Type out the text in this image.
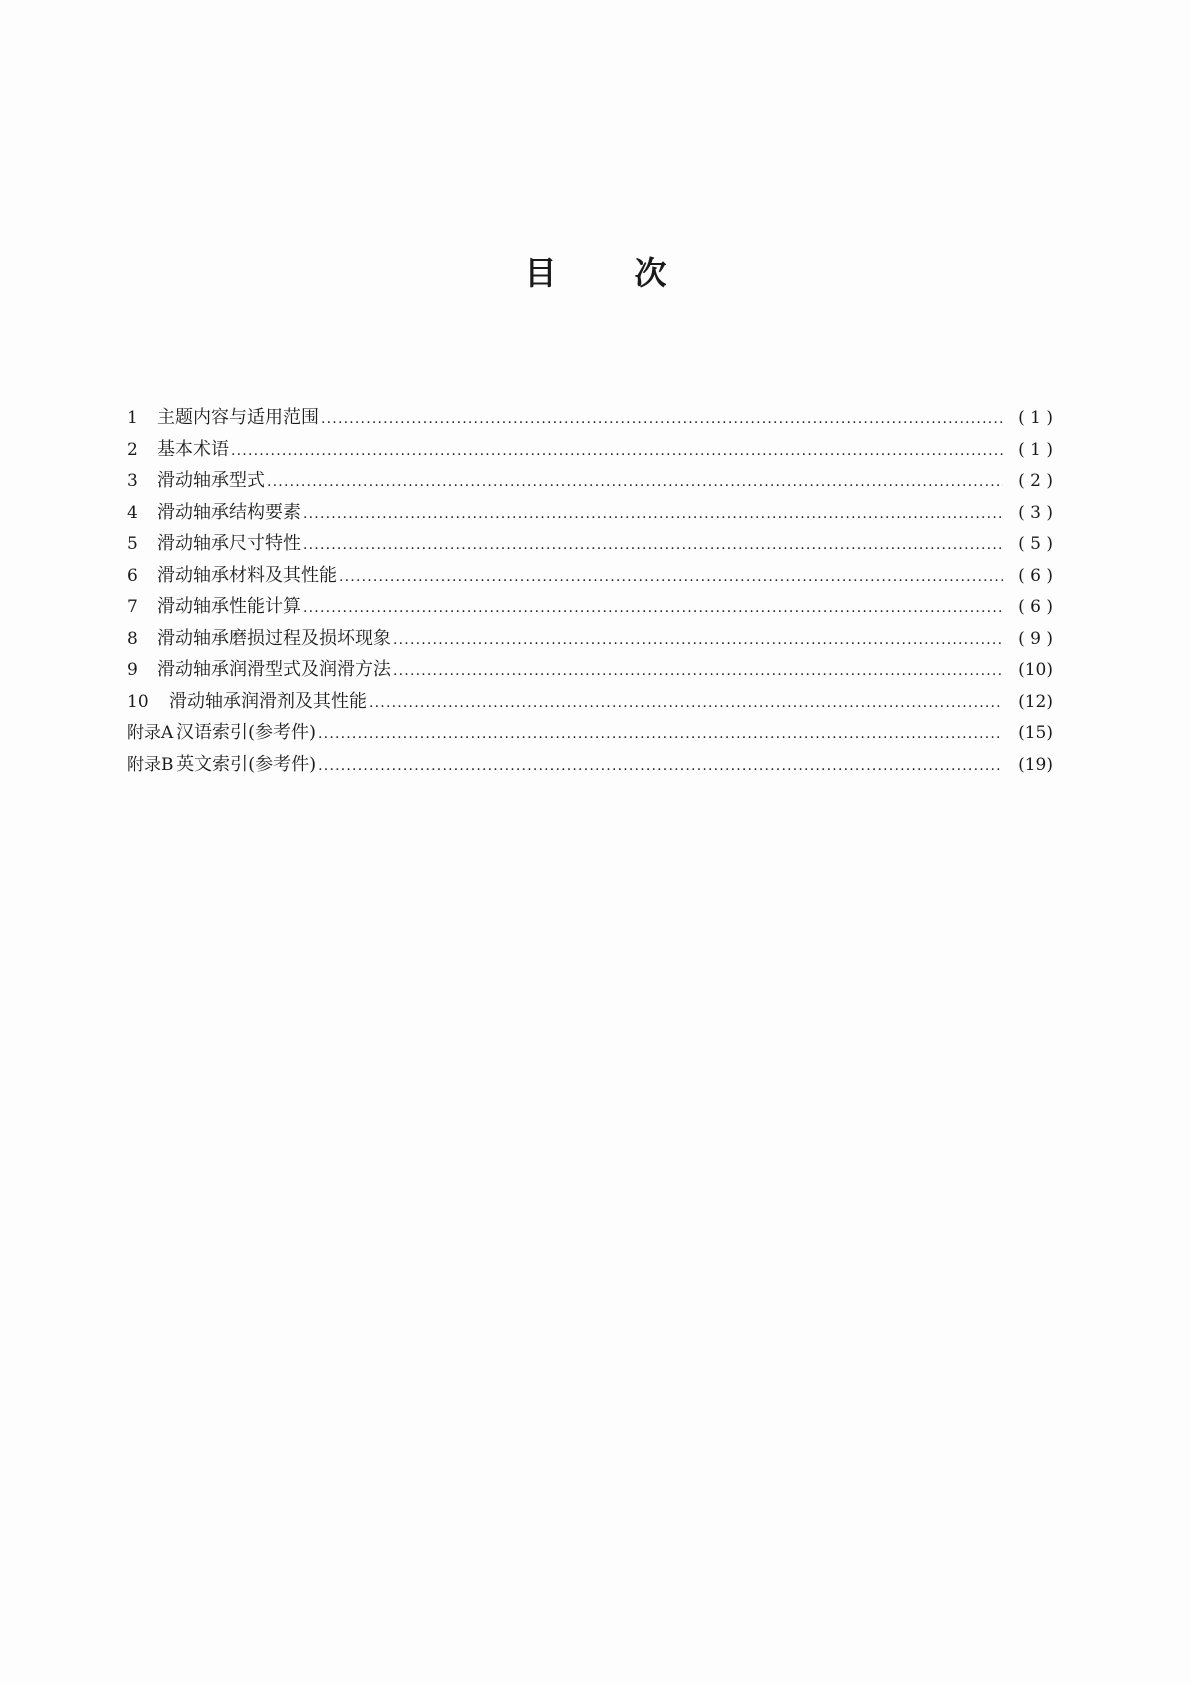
目 次
1	主题内容与适用范围 .....	( 1 )
2	基本术语 .....	( 1 )
3	滑动轴承型式 .....	( 2 )
4	滑动轴承结构要素 .....	( 3 )
5	滑动轴承尺寸特性 .....	( 5 )
6	滑动轴承材料及其性能 .....	( 6 )
7	滑动轴承性能计算 .....	( 6 )
8	滑动轴承磨损过程及损坏现象 .....	( 9 )
9	滑动轴承润滑型式及润滑方法 .....	(10)
10	滑动轴承润滑剂及其性能 .....	(12)
附录A 汉语索引(参考件) .....	(15)
附录B 英文索引(参考件) .....	(19)
